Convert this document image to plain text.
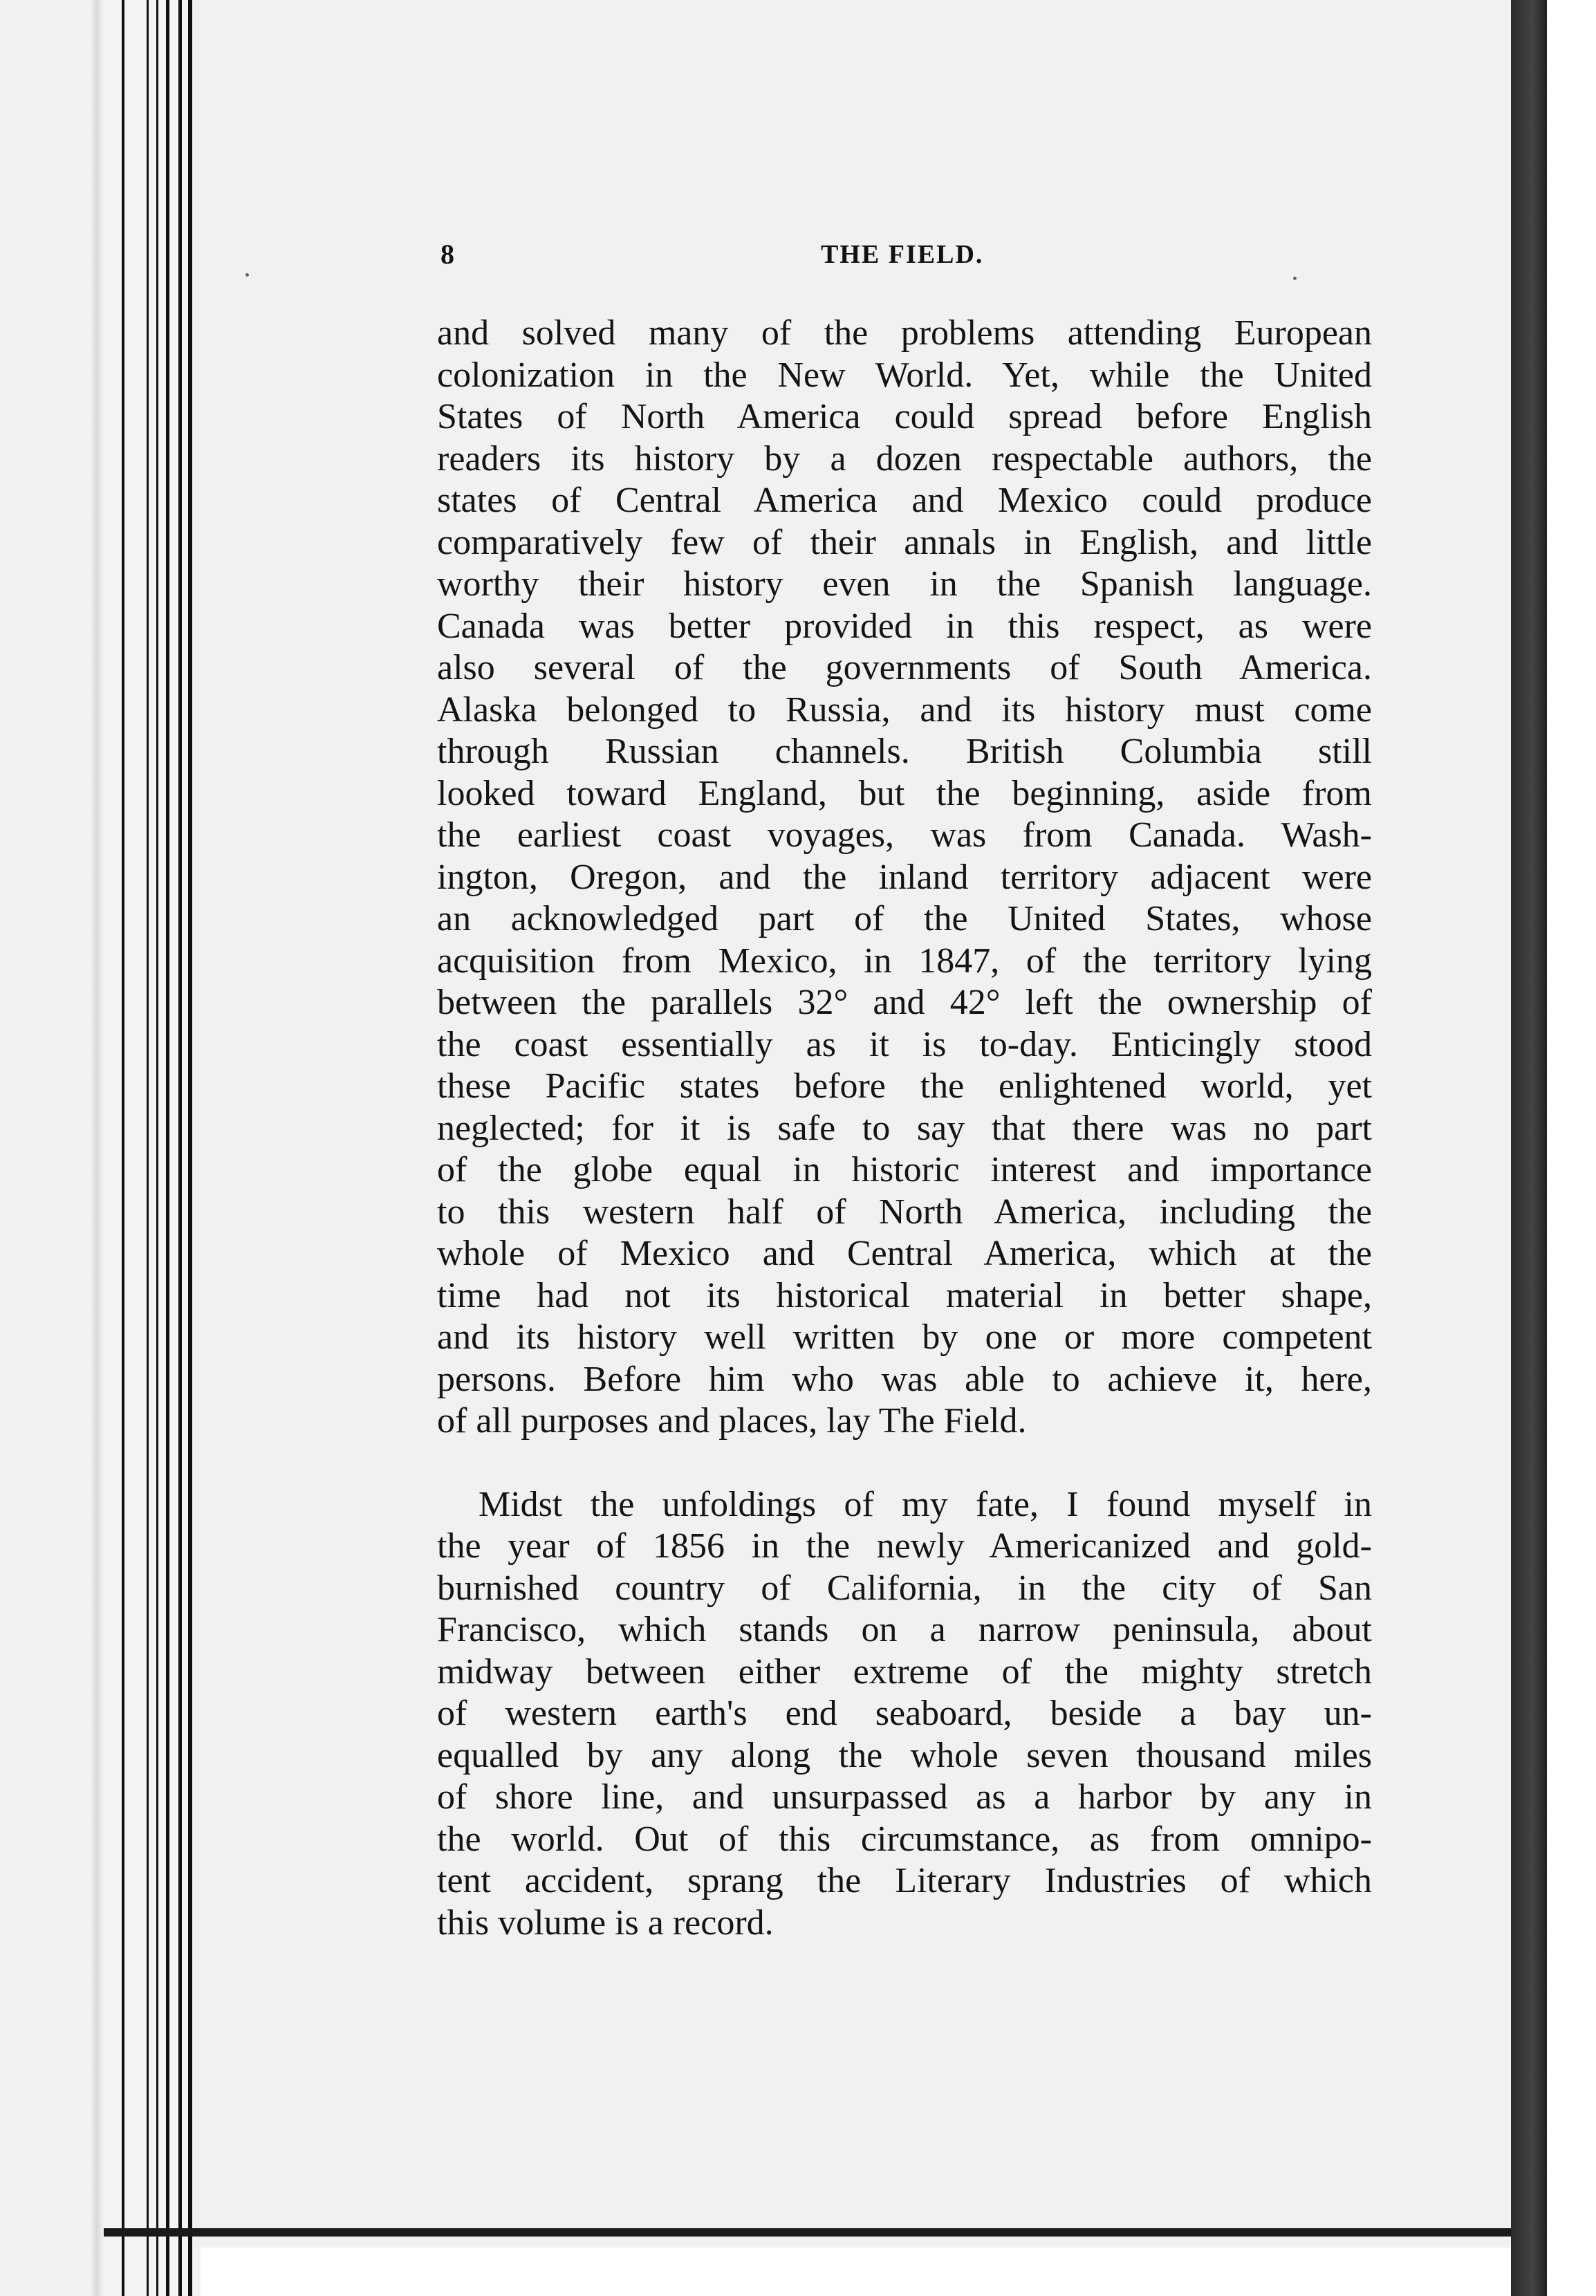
8	THE FIELD.

and solved many of the problems attending European
colonization in the New World. Yet, while the United
States of North America could spread before English
readers its history by a dozen respectable authors, the
states of Central America and Mexico could produce
comparatively few of their annals in English, and little
worthy their history even in the Spanish language.
Canada was better provided in this respect, as were
also several of the governments of South America.
Alaska belonged to Russia, and its history must come
through Russian channels. British Columbia still
looked toward England, but the beginning, aside from
the earliest coast voyages, was from Canada. Wash-
ington, Oregon, and the inland territory adjacent were
an acknowledged part of the United States, whose
acquisition from Mexico, in 1847, of the territory lying
between the parallels 32° and 42° left the ownership of
the coast essentially as it is to-day. Enticingly stood
these Pacific states before the enlightened world, yet
neglected; for it is safe to say that there was no part
of the globe equal in historic interest and importance
to this western half of North America, including the
whole of Mexico and Central America, which at the
time had not its historical material in better shape,
and its history well written by one or more competent
persons. Before him who was able to achieve it, here,
of all purposes and places, lay The Field.

Midst the unfoldings of my fate, I found myself in
the year of 1856 in the newly Americanized and gold-
burnished country of California, in the city of San
Francisco, which stands on a narrow peninsula, about
midway between either extreme of the mighty stretch
of western earth's end seaboard, beside a bay un-
equalled by any along the whole seven thousand miles
of shore line, and unsurpassed as a harbor by any in
the world. Out of this circumstance, as from omnipo-
tent accident, sprang the Literary Industries of which
this volume is a record.
